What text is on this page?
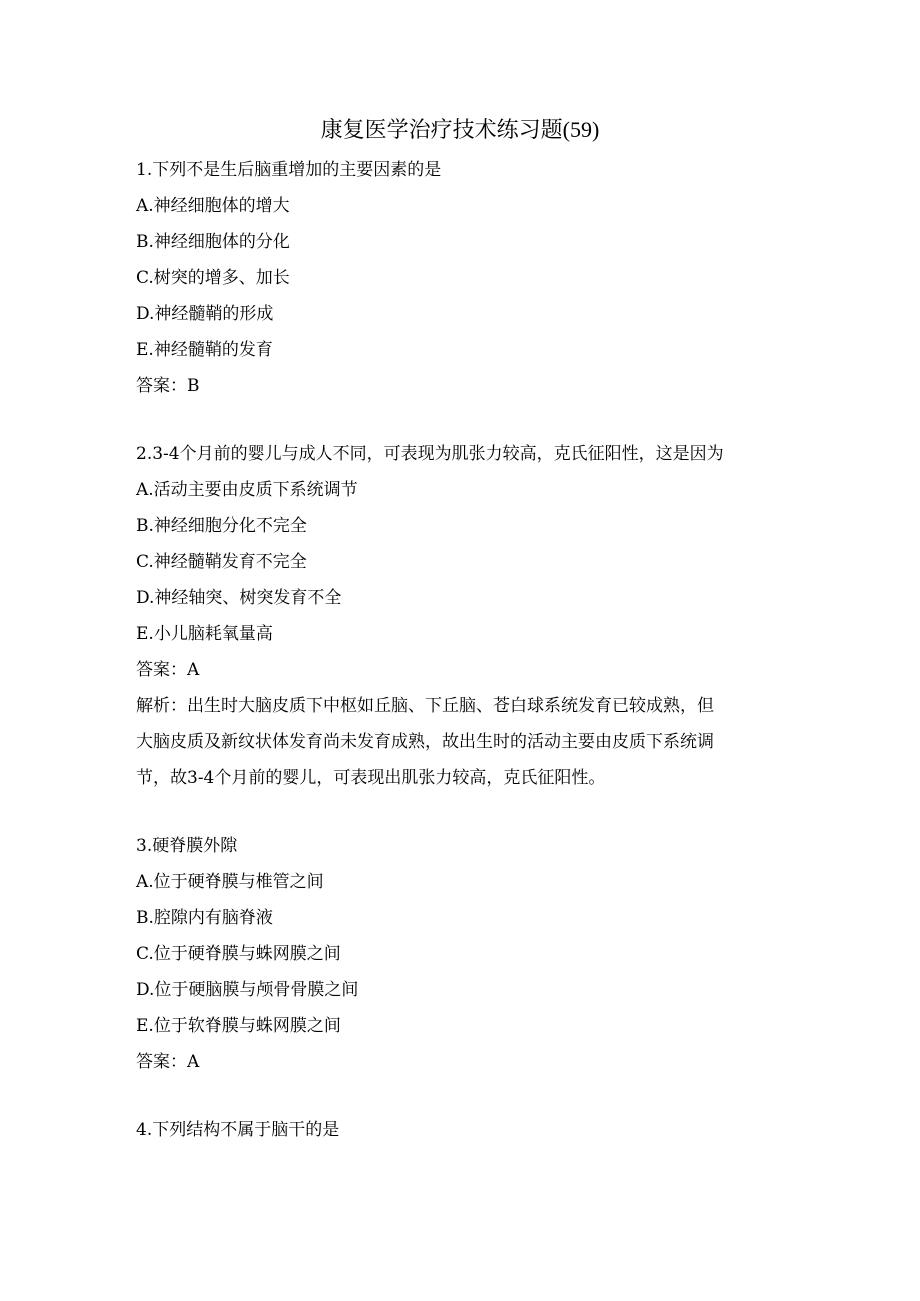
康复医学治疗技术练习题(59)
1.下列不是生后脑重增加的主要因素的是
A.神经细胞体的增大
B.神经细胞体的分化
C.树突的增多、加长
D.神经髓鞘的形成
E.神经髓鞘的发育
答案：B
2.3-4个月前的婴儿与成人不同，可表现为肌张力较高，克氏征阳性，这是因为
A.活动主要由皮质下系统调节
B.神经细胞分化不完全
C.神经髓鞘发育不完全
D.神经轴突、树突发育不全
E.小儿脑耗氧量高
答案：A
解析：出生时大脑皮质下中枢如丘脑、下丘脑、苍白球系统发育已较成熟，但
大脑皮质及新纹状体发育尚未发育成熟，故出生时的活动主要由皮质下系统调
节，故3-4个月前的婴儿，可表现出肌张力较高，克氏征阳性。
3.硬脊膜外隙
A.位于硬脊膜与椎管之间
B.腔隙内有脑脊液
C.位于硬脊膜与蛛网膜之间
D.位于硬脑膜与颅骨骨膜之间
E.位于软脊膜与蛛网膜之间
答案：A
4.下列结构不属于脑干的是
